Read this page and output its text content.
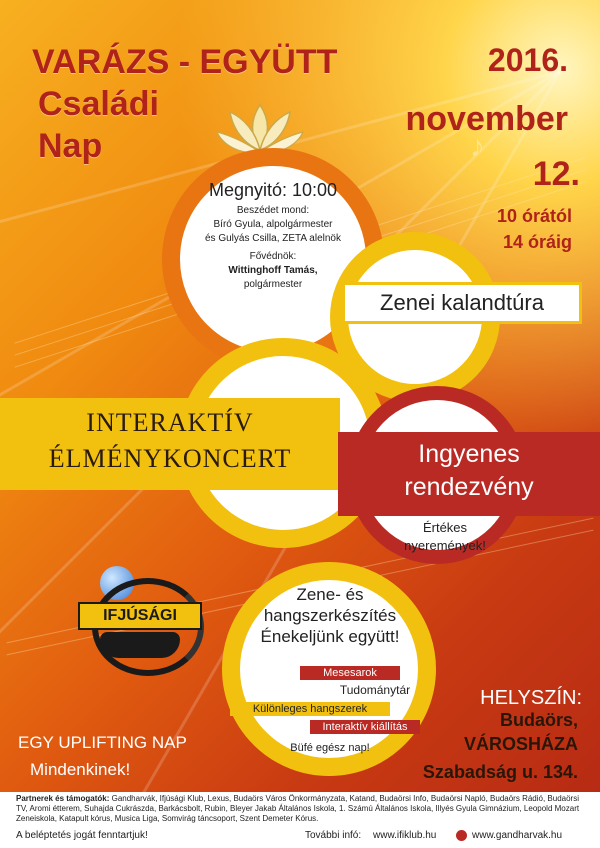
♪
VARÁZS - EGYÜTT
Családi
Nap
2016.
november
12.
10 órától
14 óráig
Megnyitó: 10:00
Beszédet mond:
Bíró Gyula, alpolgármester
és Gulyás Csilla, ZETA alelnök
Fővédnök:
Wittinghoff Tamás,
polgármester
Zenei kalandtúra
INTERAKTÍV
ÉLMÉNYKONCERT	Ingyenes
rendezvény
Értékes
nyeremények!
IFJÚSÁGI
Zene- és
hangszerkészítés
Énekeljünk együtt!
Mesesarok
Tudománytár
Különleges hangszerek
Interaktív kiállítás
Büfé egész nap!
EGY UPLIFTING NAP
Mindenkinek!
HELYSZÍN:
Budaörs,
VÁROSHÁZA
Szabadság u. 134.
Partnerek és támogatók: Gandharvák, Ifjúsági Klub, Lexus, Budaörs Város Önkormányzata, Katand, Budaörsi Info, Budaörsi Napló, Budaörs Rádió, Budaörsi TV, Aromi étterem, Suhajda Cukrászda, Barkácsbolt, Rubin, Bleyer Jakab Általános Iskola, 1. Számú Általános Iskola, Illyés Gyula Gimnázium, Leopold Mozart Zeneiskola, Katapult kórus, Musica Liga, Somvirág táncsoport, Szent Demeter Kórus.
A beléptetés jogát fenntartjuk!	További infó: www.ifiklub.hu	www.gandharvak.hu
